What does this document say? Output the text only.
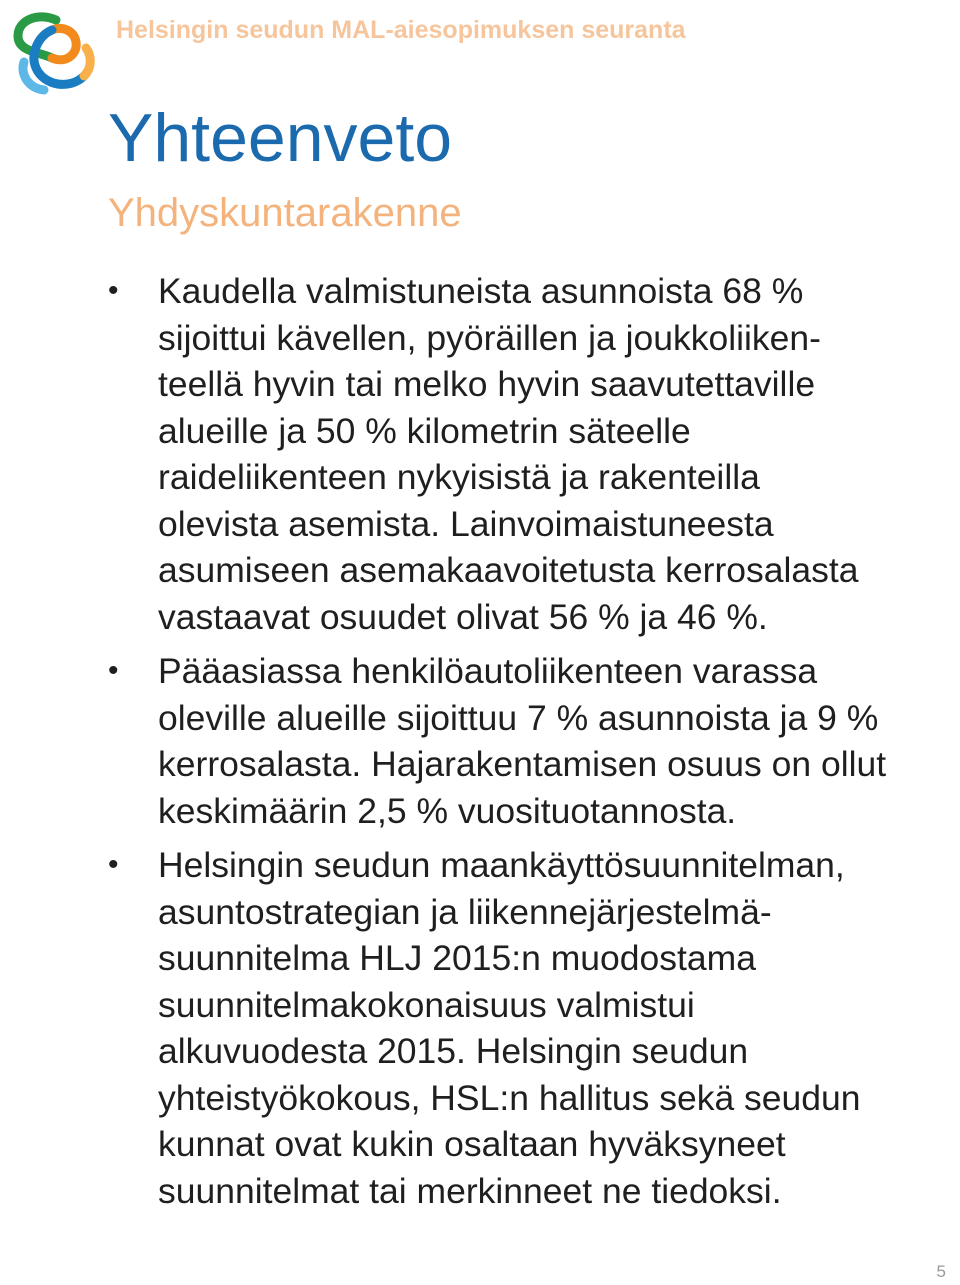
Helsingin seudun MAL-aiesopimuksen seuranta
Yhteenveto
Yhdyskuntarakenne
• Kaudella valmistuneista asunnoista 68 %
sijoittui kävellen, pyöräillen ja joukkoliiken-
teellä hyvin tai melko hyvin saavutettaville
alueille ja 50 % kilometrin säteelle
raideliikenteen nykyisistä ja rakenteilla
olevista asemista. Lainvoimaistuneesta
asumiseen asemakaavoitetusta kerrosalasta
vastaavat osuudet olivat 56 % ja 46 %.
• Pääasiassa henkilöautoliikenteen varassa
oleville alueille sijoittuu 7 % asunnoista ja 9 %
kerrosalasta. Hajarakentamisen osuus on ollut
keskimäärin 2,5 % vuosituotannosta.
• Helsingin seudun maankäyttösuunnitelman,
asuntostrategian ja liikennejärjestelmä-
suunnitelma HLJ 2015:n muodostama
suunnitelmakokonaisuus valmistui
alkuvuodesta 2015. Helsingin seudun
yhteistyökokous, HSL:n hallitus sekä seudun
kunnat ovat kukin osaltaan hyväksyneet
suunnitelmat tai merkinneet ne tiedoksi.
5
